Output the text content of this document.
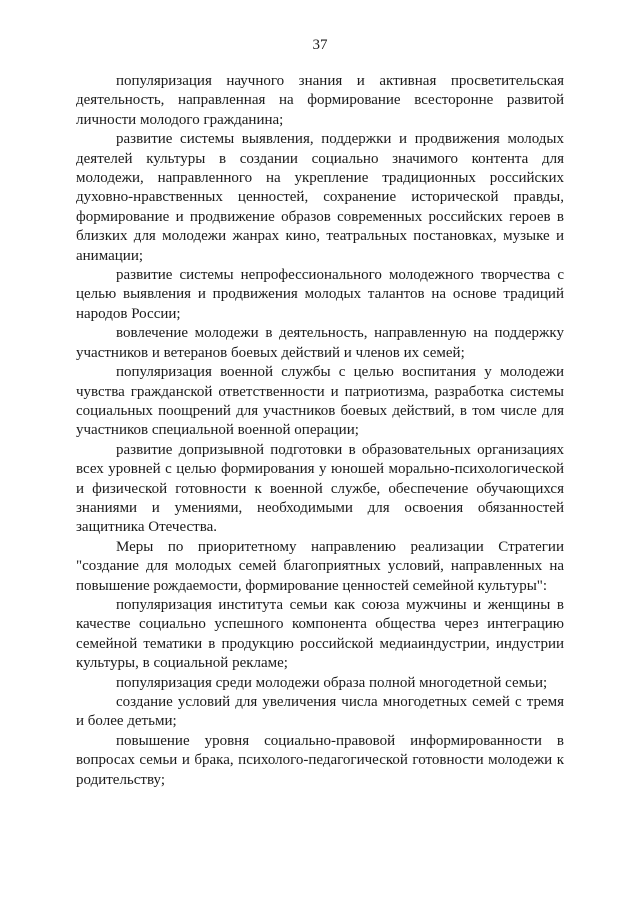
37

популяризация научного знания и активная просветительская деятельность, направленная на формирование всесторонне развитой личности молодого гражданина;

развитие системы выявления, поддержки и продвижения молодых деятелей культуры в создании социально значимого контента для молодежи, направленного на укрепление традиционных российских духовно-нравственных ценностей, сохранение исторической правды, формирование и продвижение образов современных российских героев в близких для молодежи жанрах кино, театральных постановках, музыке и анимации;

развитие системы непрофессионального молодежного творчества с целью выявления и продвижения молодых талантов на основе традиций народов России;

вовлечение молодежи в деятельность, направленную на поддержку участников и ветеранов боевых действий и членов их семей;

популяризация военной службы с целью воспитания у молодежи чувства гражданской ответственности и патриотизма, разработка системы социальных поощрений для участников боевых действий, в том числе для участников специальной военной операции;

развитие допризывной подготовки в образовательных организациях всех уровней с целью формирования у юношей морально-психологической и физической готовности к военной службе, обеспечение обучающихся знаниями и умениями, необходимыми для освоения обязанностей защитника Отечества.

Меры по приоритетному направлению реализации Стратегии "создание для молодых семей благоприятных условий, направленных на повышение рождаемости, формирование ценностей семейной культуры":

популяризация института семьи как союза мужчины и женщины в качестве социально успешного компонента общества через интеграцию семейной тематики в продукцию российской медиаиндустрии, индустрии культуры, в социальной рекламе;

популяризация среди молодежи образа полной многодетной семьи;

создание условий для увеличения числа многодетных семей с тремя и более детьми;

повышение уровня социально-правовой информированности в вопросах семьи и брака, психолого-педагогической готовности молодежи к родительству;
